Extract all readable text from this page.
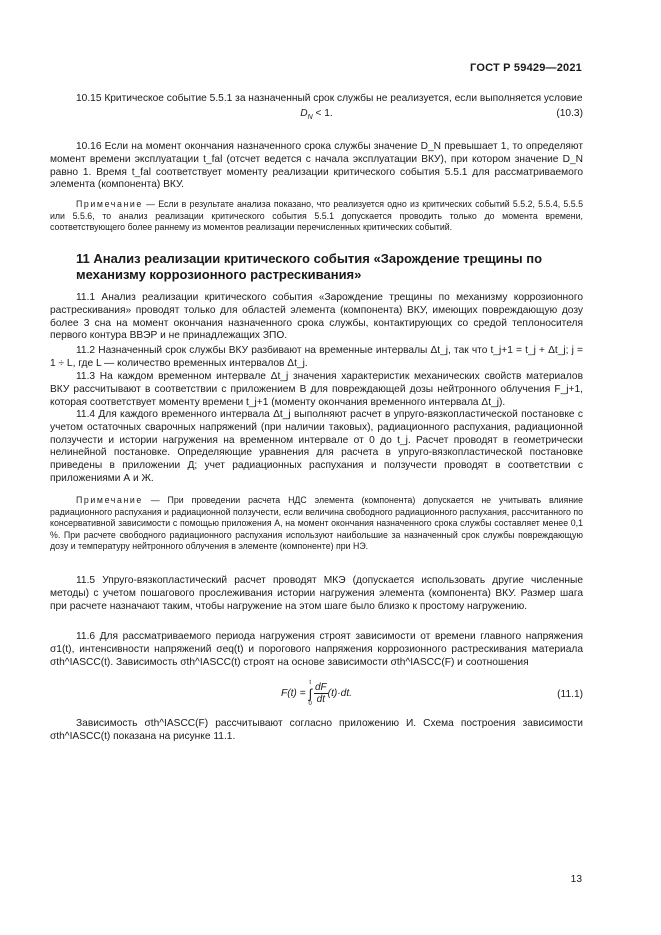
ГОСТ Р 59429—2021

10.15 Критическое событие 5.5.1 за назначенный срок службы не реализуется, если выполняется условие

$D_N < 1$.	(10.3)

10.16 Если на момент окончания назначенного срока службы значение D_N превышает 1, то определяют момент времени эксплуатации t_fal (отсчет ведется с начала эксплуатации ВКУ), при котором значение D_N равно 1. Время t_fal соответствует моменту реализации критического события 5.5.1 для рассматриваемого элемента (компонента) ВКУ.

Примечание — Если в результате анализа показано, что реализуется одно из критических событий 5.5.2, 5.5.4, 5.5.5 или 5.5.6, то анализ реализации критического события 5.5.1 допускается проводить только до момента времени, соответствующего более раннему из моментов реализации перечисленных критических событий.

11 Анализ реализации критического события «Зарождение трещины по механизму коррозионного растрескивания»

11.1 Анализ реализации критического события «Зарождение трещины по механизму коррозионного растрескивания» проводят только для областей элемента (компонента) ВКУ, имеющих повреждающую дозу более 3 сна на момент окончания назначенного срока службы, контактирующих со средой теплоносителя первого контура ВВЭР и не принадлежащих ЗПО.

11.2 Назначенный срок службы ВКУ разбивают на временные интервалы Δt_j, так что t_j+1 = t_j + Δt_j; j = 1 ÷ L, где L — количество временных интервалов Δt_j.

11.3 На каждом временном интервале Δt_j значения характеристик механических свойств материалов ВКУ рассчитывают в соответствии с приложением В для повреждающей дозы нейтронного облучения F_j+1, которая соответствует моменту времени t_j+1 (моменту окончания временного интервала Δt_j).

11.4 Для каждого временного интервала Δt_j выполняют расчет в упруго-вязкопластической постановке с учетом остаточных сварочных напряжений (при наличии таковых), радиационного распухания, радиационной ползучести и истории нагружения на временном интервале от 0 до t_j. Расчет проводят в геометрически нелинейной постановке. Определяющие уравнения для расчета в упруго-вязкопластической постановке приведены в приложении Д; учет радиационных распухания и ползучести проводят в соответствии с приложениями А и Ж.

Примечание — При проведении расчета НДС элемента (компонента) допускается не учитывать влияние радиационного распухания и радиационной ползучести, если величина свободного радиационного распухания, рассчитанного по консервативной зависимости с помощью приложения А, на момент окончания назначенного срока службы составляет менее 0,1 %. При расчете свободного радиационного распухания используют наибольшие за назначенный срок службы повреждающую дозу и температуру нейтронного облучения в элементе (компоненте) при НЭ.

11.5 Упруго-вязкопластический расчет проводят МКЭ (допускается использовать другие численные методы) с учетом пошагового прослеживания истории нагружения элемента (компонента) ВКУ. Размер шага при расчете назначают таким, чтобы нагружение на этом шаге было близко к простому нагружению.

11.6 Для рассматриваемого периода нагружения строят зависимости от времени главного напряжения σ1(t), интенсивности напряжений σeq(t) и порогового напряжения коррозионного растрескивания материала σth^IASCC(t). Зависимость σth^IASCC(t) строят на основе зависимости σth^IASCC(F) и соотношения

F(t) =
t
∫
$0 \frac{dF}{dt} (t)\cdot dt$.	(11.1)

Зависимость σth^IASCC(F) рассчитывают согласно приложению И. Схема построения зависимости σth^IASCC(t) показана на рисунке 11.1.

13
